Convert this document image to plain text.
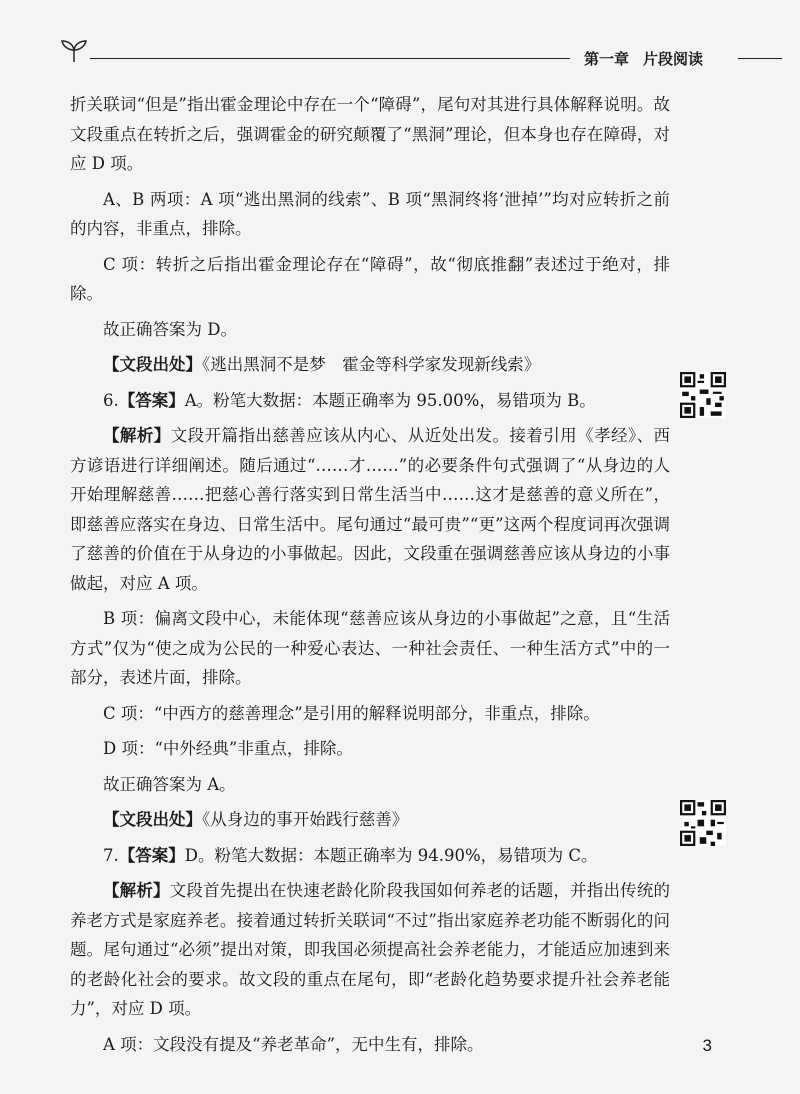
第一章 片段阅读

折关联词“但是”指出霍金理论中存在一个“障碍”，尾句对其进行具体解释说明。故文段重点在转折之后，强调霍金的研究颠覆了“黑洞”理论，但本身也存在障碍，对应 D 项。

A、B 两项：A 项“逃出黑洞的线索”、B 项“黑洞终将‘泄掉’”均对应转折之前的内容，非重点，排除。

C 项：转折之后指出霍金理论存在“障碍”，故“彻底推翻”表述过于绝对，排除。

故正确答案为 D。

【文段出处】《逃出黑洞不是梦　霍金等科学家发现新线索》

6.【答案】A。粉笔大数据：本题正确率为 95.00%，易错项为 B。

【解析】文段开篇指出慈善应该从内心、从近处出发。接着引用《孝经》、西方谚语进行详细阐述。随后通过“……才……”的必要条件句式强调了“从身边的人开始理解慈善……把慈心善行落实到日常生活当中……这才是慈善的意义所在”，即慈善应落实在身边、日常生活中。尾句通过“最可贵”“更”这两个程度词再次强调了慈善的价值在于从身边的小事做起。因此，文段重在强调慈善应该从身边的小事做起，对应 A 项。

B 项：偏离文段中心，未能体现“慈善应该从身边的小事做起”之意，且“生活方式”仅为“使之成为公民的一种爱心表达、一种社会责任、一种生活方式”中的一部分，表述片面，排除。

C 项：“中西方的慈善理念”是引用的解释说明部分，非重点，排除。

D 项：“中外经典”非重点，排除。

故正确答案为 A。

【文段出处】《从身边的事开始践行慈善》

7.【答案】D。粉笔大数据：本题正确率为 94.90%，易错项为 C。

【解析】文段首先提出在快速老龄化阶段我国如何养老的话题，并指出传统的养老方式是家庭养老。接着通过转折关联词“不过”指出家庭养老功能不断弱化的问题。尾句通过“必须”提出对策，即我国必须提高社会养老能力，才能适应加速到来的老龄化社会的要求。故文段的重点在尾句，即“老龄化趋势要求提升社会养老能力”，对应 D 项。

A 项：文段没有提及“养老革命”，无中生有，排除。	3
